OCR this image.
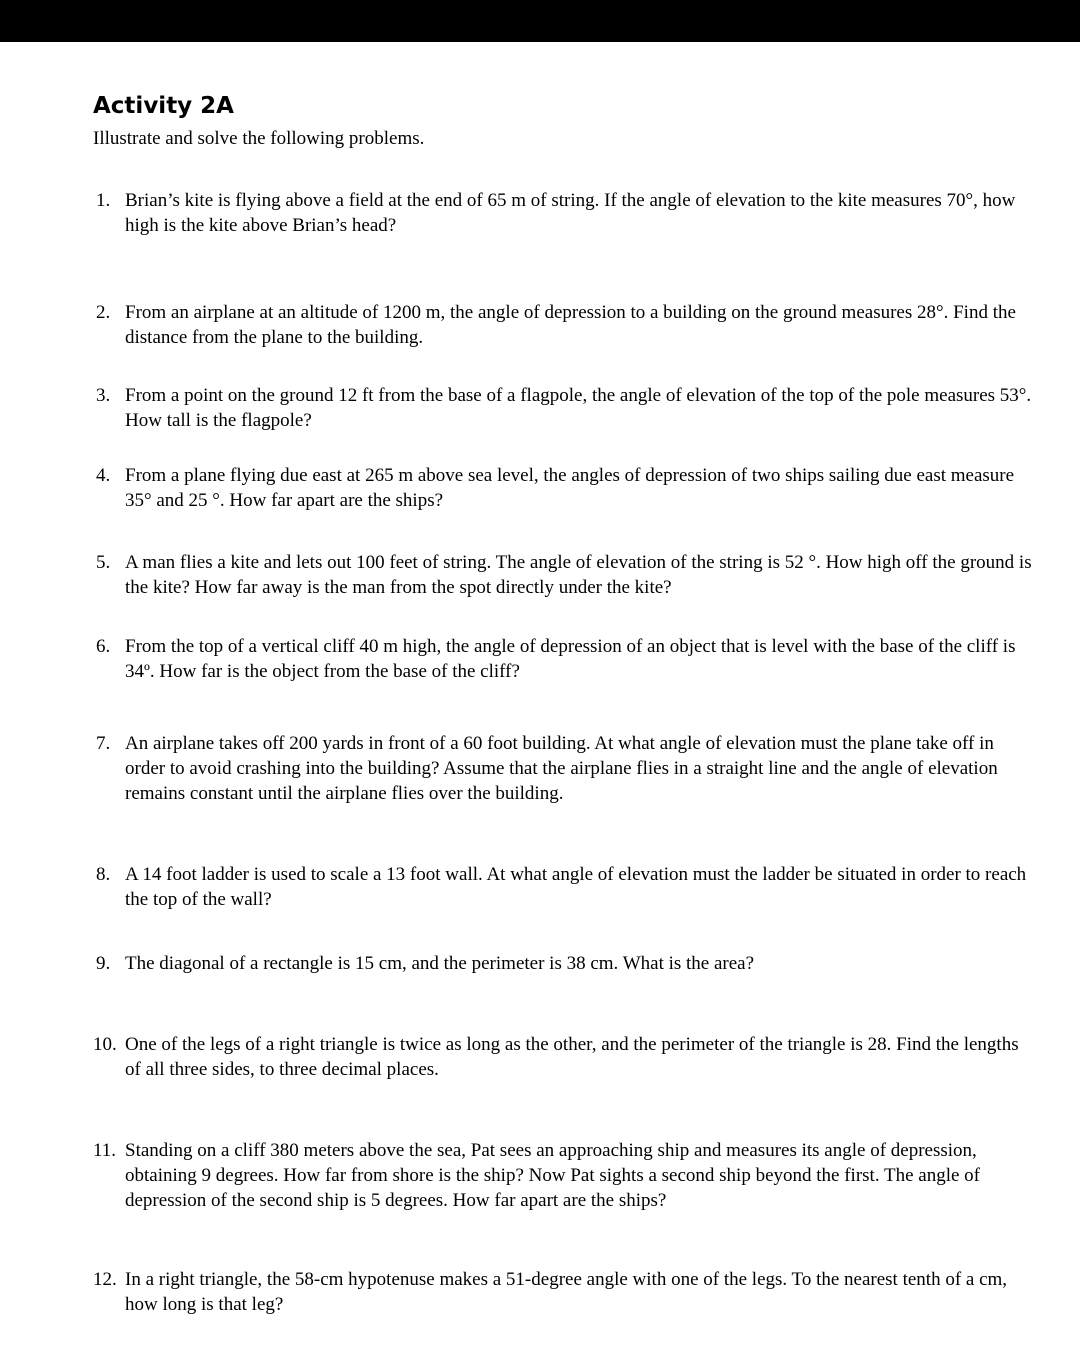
Activity 2A
Illustrate and solve the following problems.
1. Brian’s kite is flying above a field at the end of 65 m of string. If the angle of elevation to the kite measures 70°, how high is the kite above Brian’s head?
2. From an airplane at an altitude of 1200 m, the angle of depression to a building on the ground measures 28°. Find the distance from the plane to the building.
3. From a point on the ground 12 ft from the base of a flagpole, the angle of elevation of the top of the pole measures 53°. How tall is the flagpole?
4. From a plane flying due east at 265 m above sea level, the angles of depression of two ships sailing due east measure 35° and 25 °. How far apart are the ships?
5. A man flies a kite and lets out 100 feet of string. The angle of elevation of the string is 52 °. How high off the ground is the kite? How far away is the man from the spot directly under the kite?
6. From the top of a vertical cliff 40 m high, the angle of depression of an object that is level with the base of the cliff is 34º. How far is the object from the base of the cliff?
7. An airplane takes off 200 yards in front of a 60 foot building. At what angle of elevation must the plane take off in order to avoid crashing into the building? Assume that the airplane flies in a straight line and the angle of elevation remains constant until the airplane flies over the building.
8. A 14 foot ladder is used to scale a 13 foot wall. At what angle of elevation must the ladder be situated in order to reach the top of the wall?
9. The diagonal of a rectangle is 15 cm, and the perimeter is 38 cm. What is the area?
10. One of the legs of a right triangle is twice as long as the other, and the perimeter of the triangle is 28. Find the lengths of all three sides, to three decimal places.
11. Standing on a cliff 380 meters above the sea, Pat sees an approaching ship and measures its angle of depression, obtaining 9 degrees. How far from shore is the ship? Now Pat sights a second ship beyond the first. The angle of depression of the second ship is 5 degrees. How far apart are the ships?
12. In a right triangle, the 58-cm hypotenuse makes a 51-degree angle with one of the legs. To the nearest tenth of a cm, how long is that leg?
